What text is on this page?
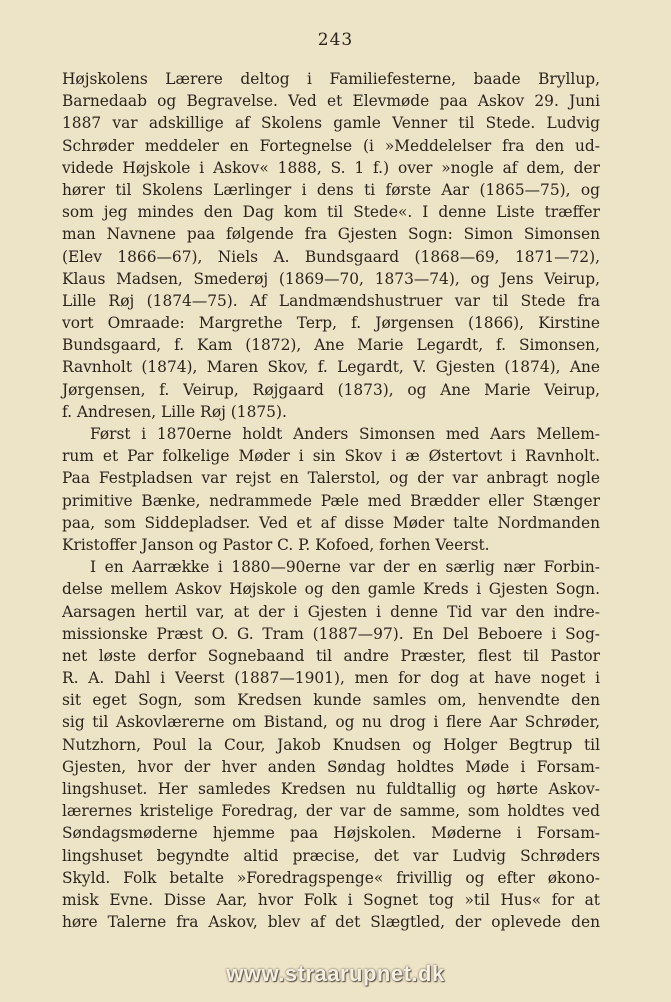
243
Højskolens Lærere deltog i Familiefesterne, baade Bryllup,
Barnedaab og Begravelse. Ved et Elevmøde paa Askov 29. Juni
1887 var adskillige af Skolens gamle Venner til Stede. Ludvig
Schrøder meddeler en Fortegnelse (i »Meddelelser fra den ud-
videde Højskole i Askov« 1888, S. 1 f.) over »nogle af dem, der
hører til Skolens Lærlinger i dens ti første Aar (1865—75), og
som jeg mindes den Dag kom til Stede«. I denne Liste træffer
man Navnene paa følgende fra Gjesten Sogn: Simon Simonsen
(Elev 1866—67), Niels A. Bundsgaard (1868—69, 1871—72),
Klaus Madsen, Smederøj (1869—70, 1873—74), og Jens Veirup,
Lille Røj (1874—75). Af Landmændshustruer var til Stede fra
vort Omraade: Margrethe Terp, f. Jørgensen (1866), Kirstine
Bundsgaard, f. Kam (1872), Ane Marie Legardt, f. Simonsen,
Ravnholt (1874), Maren Skov, f. Legardt, V. Gjesten (1874), Ane
Jørgensen, f. Veirup, Røjgaard (1873), og Ane Marie Veirup,
f. Andresen, Lille Røj (1875).
Først i 1870erne holdt Anders Simonsen med Aars Mellem-
rum et Par folkelige Møder i sin Skov i æ Østertovt i Ravnholt.
Paa Festpladsen var rejst en Talerstol, og der var anbragt nogle
primitive Bænke, nedrammede Pæle med Brædder eller Stænger
paa, som Siddepladser. Ved et af disse Møder talte Nordmanden
Kristoffer Janson og Pastor C. P. Kofoed, forhen Veerst.
I en Aarrække i 1880—90erne var der en særlig nær Forbin-
delse mellem Askov Højskole og den gamle Kreds i Gjesten Sogn.
Aarsagen hertil var, at der i Gjesten i denne Tid var den indre-
missionske Præst O. G. Tram (1887—97). En Del Beboere i Sog-
net løste derfor Sognebaand til andre Præster, flest til Pastor
R. A. Dahl i Veerst (1887—1901), men for dog at have noget i
sit eget Sogn, som Kredsen kunde samles om, henvendte den
sig til Askovlærerne om Bistand, og nu drog i flere Aar Schrøder,
Nutzhorn, Poul la Cour, Jakob Knudsen og Holger Begtrup til
Gjesten, hvor der hver anden Søndag holdtes Møde i Forsam-
lingshuset. Her samledes Kredsen nu fuldtallig og hørte Askov-
lærernes kristelige Foredrag, der var de samme, som holdtes ved
Søndagsmøderne hjemme paa Højskolen. Møderne i Forsam-
lingshuset begyndte altid præcise, det var Ludvig Schrøders
Skyld. Folk betalte »Foredragspenge« frivillig og efter økono-
misk Evne. Disse Aar, hvor Folk i Sognet tog »til Hus« for at
høre Talerne fra Askov, blev af det Slægtled, der oplevede den
www.straarupnet.dk
